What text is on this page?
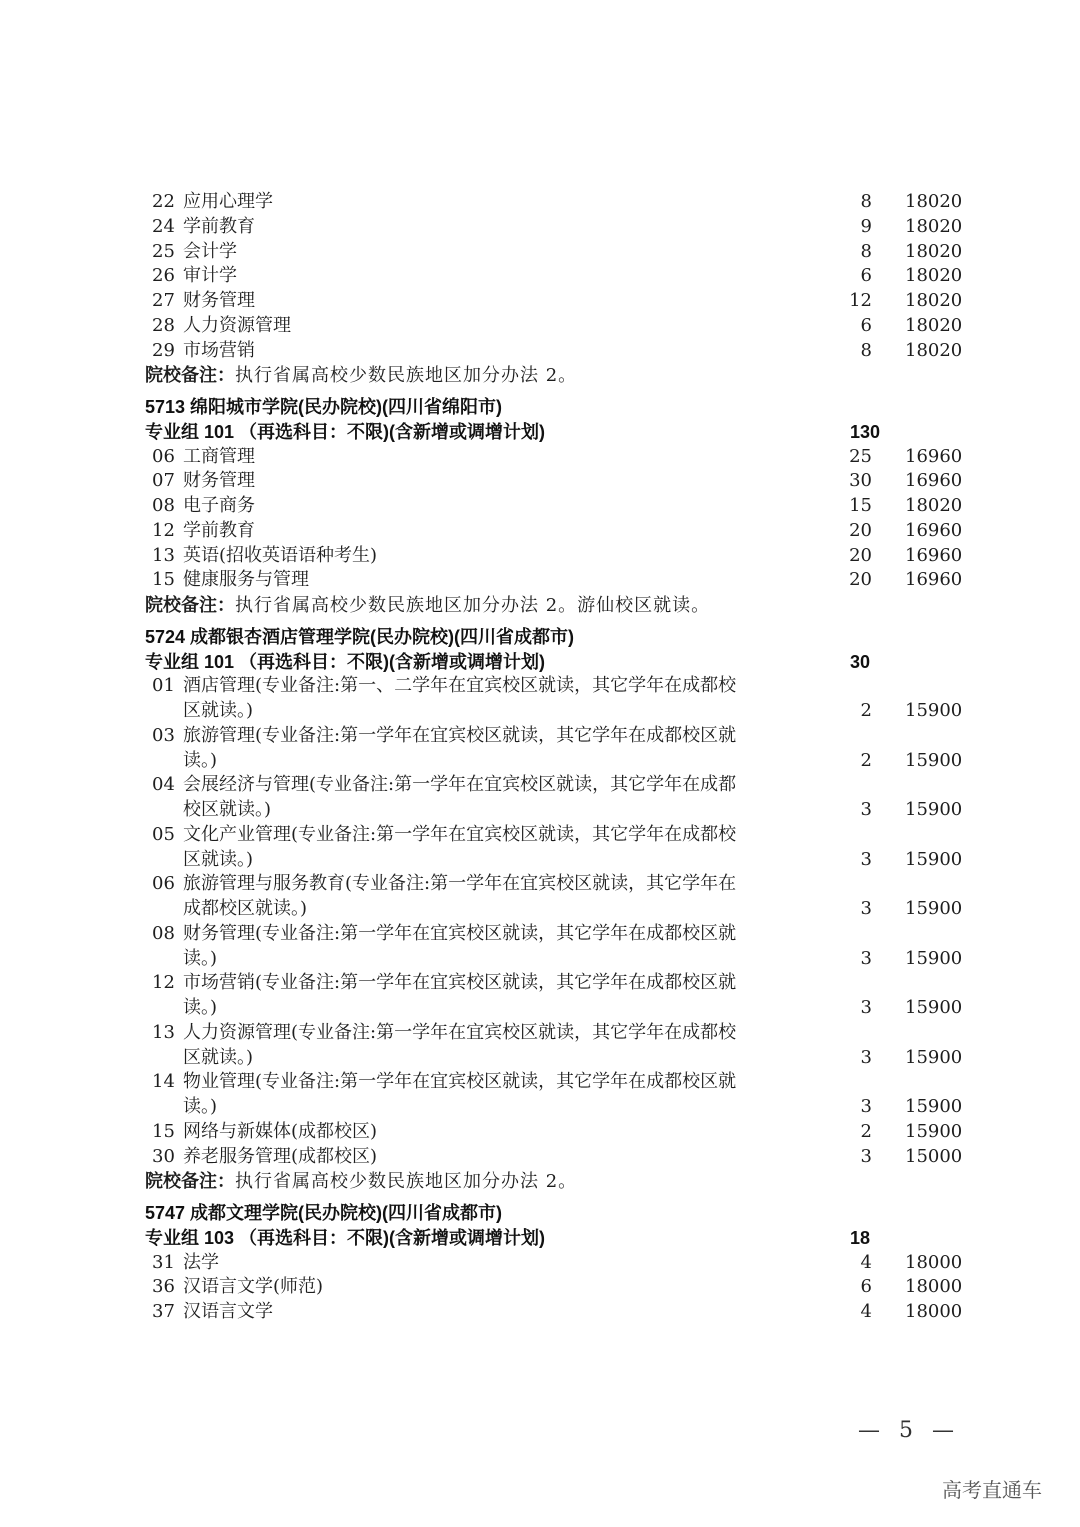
22 应用心理学	8 18020
24 学前教育	9 18020
25 会计学	8 18020
26 审计学	6 18020
27 财务管理	12 18020
28 人力资源管理	6 18020
29 市场营销	8 18020
院校备注：执行省属高校少数民族地区加分办法 2。
5713 绵阳城市学院(民办院校)(四川省绵阳市)
专业组 101 （再选科目：不限)(含新增或调增计划)	130
06 工商管理	25 16960
07 财务管理	30 16960
08 电子商务	15 18020
12 学前教育	20 16960
13 英语(招收英语语种考生)	20 16960
15 健康服务与管理	20 16960
院校备注：执行省属高校少数民族地区加分办法 2。游仙校区就读。
5724 成都银杏酒店管理学院(民办院校)(四川省成都市)
专业组 101 （再选科目：不限)(含新增或调增计划)	30
01 酒店管理(专业备注:第一、二学年在宜宾校区就读，其它学年在成都校
区就读。)	2 15900
03 旅游管理(专业备注:第一学年在宜宾校区就读，其它学年在成都校区就
读。)	2 15900
04 会展经济与管理(专业备注:第一学年在宜宾校区就读，其它学年在成都
校区就读。)	3 15900
05 文化产业管理(专业备注:第一学年在宜宾校区就读，其它学年在成都校
区就读。)	3 15900
06 旅游管理与服务教育(专业备注:第一学年在宜宾校区就读，其它学年在
成都校区就读。)	3 15900
08 财务管理(专业备注:第一学年在宜宾校区就读，其它学年在成都校区就
读。)	3 15900
12 市场营销(专业备注:第一学年在宜宾校区就读，其它学年在成都校区就
读。)	3 15900
13 人力资源管理(专业备注:第一学年在宜宾校区就读，其它学年在成都校
区就读。)	3 15900
14 物业管理(专业备注:第一学年在宜宾校区就读，其它学年在成都校区就
读。)	3 15900
15 网络与新媒体(成都校区)	2 15900
30 养老服务管理(成都校区)	3 15000
院校备注：执行省属高校少数民族地区加分办法 2。
5747 成都文理学院(民办院校)(四川省成都市)
专业组 103 （再选科目：不限)(含新增或调增计划)	18
31 法学	4 18000
36 汉语言文学(师范)	6 18000
37 汉语言文学	4 18000
— 5 —
高考直通车
